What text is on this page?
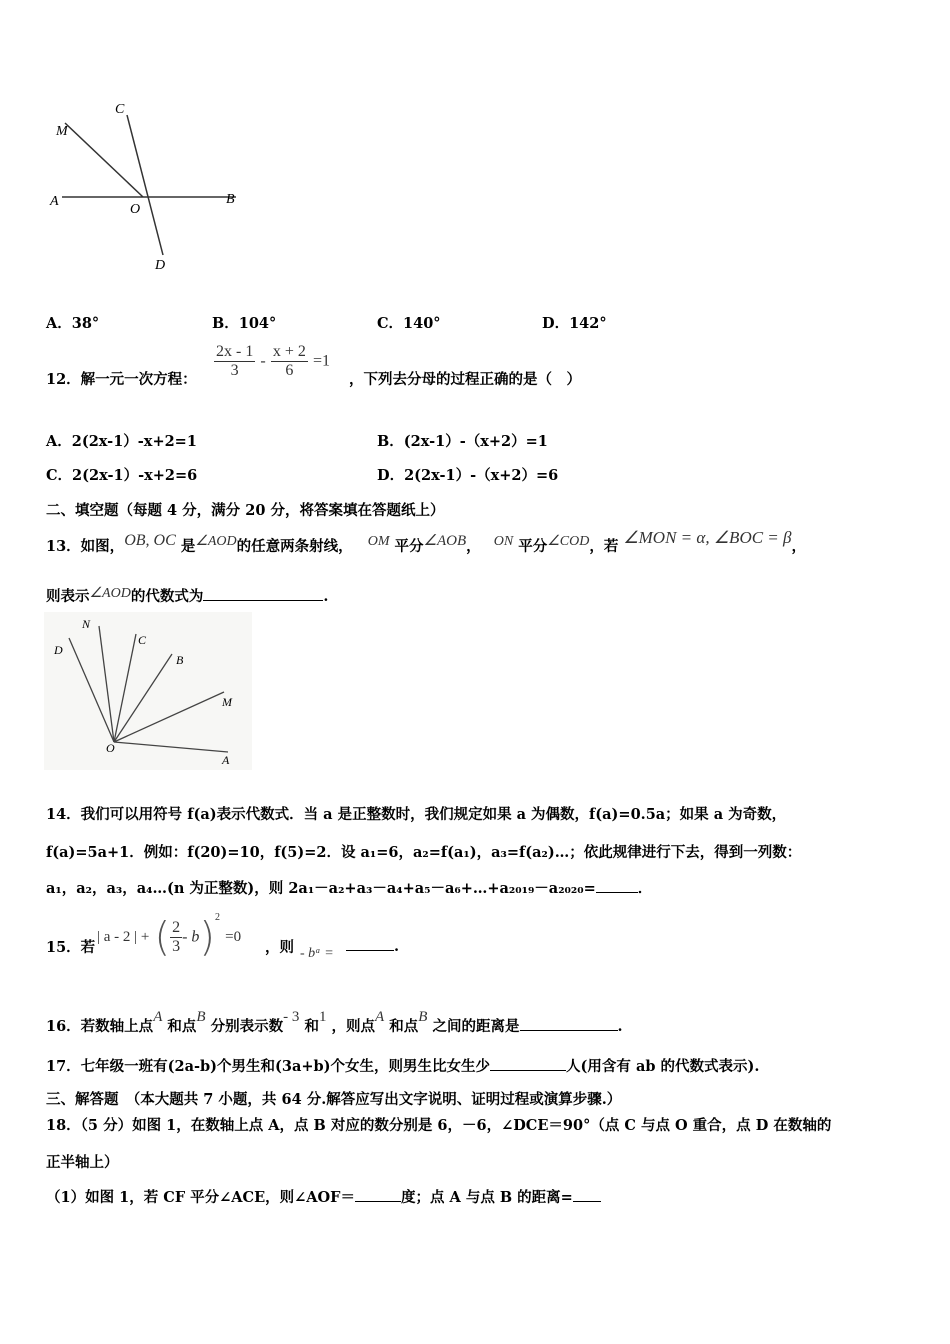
M
C
A
O
B
D
A．38°	B．104°	C．140°	D．142°
12．解一元一次方程： $\frac{2x - 1}{3} - \frac{x + 2}{6} =1$
，下列去分母的过程正确的是（　）
A．2(2x-1）-x+2=1	B．(2x-1）-（x+2）=1
C．2(2x-1）-x+2=6	D．2(2x-1）-（x+2）=6
二、填空题（每题 4 分，满分 20 分，将答案填在答题纸上）
13．如图，OB, OC 是∠AOD的任意两条射线， OM 平分∠AOB， ON 平分∠COD，若 ∠MON = α, ∠BOC = β，
则表示∠AOD的代数式为	.
N
D
C
B
M
O
A
14．我们可以用符号 f(a)表示代数式．当 a 是正整数时，我们规定如果 a 为偶数，f(a)=0.5a；如果 a 为奇数，
f(a)=5a+1．例如：f(20)=10，f(5)=2．设 a₁=6，a₂=f(a₁)，a₃=f(a₂)…；依此规律进行下去，得到一列数：
a₁，a₂，a₃，a₄…(n 为正整数)，则 2a₁－a₂+a₃－a₄+a₅－a₆+…+a₂₀₁₉－a₂₀₂₀=	．
15．若
| a - 2 | + ( $\frac{2}{3} - b)^2 =0$
，则 - bᵃ =	.
16．若数轴上点A 和点B 分别表示数- 3 和1 ，则点A 和点B 之间的距离是	.
17．七年级一班有(2a-b)个男生和(3a+b)个女生，则男生比女生少	人(用含有 ab 的代数式表示).
三、解答题　（本大题共 7 小题，共 64 分.解答应写出文字说明、证明过程或演算步骤.）
18．（5 分）如图 1，在数轴上点 A，点 B 对应的数分别是 6，－6，∠DCE＝90°（点 C 与点 O 重合，点 D 在数轴的
正半轴上）
（1）如图 1，若 CF 平分∠ACE，则∠AOF＝	度；点 A 与点 B 的距离=
